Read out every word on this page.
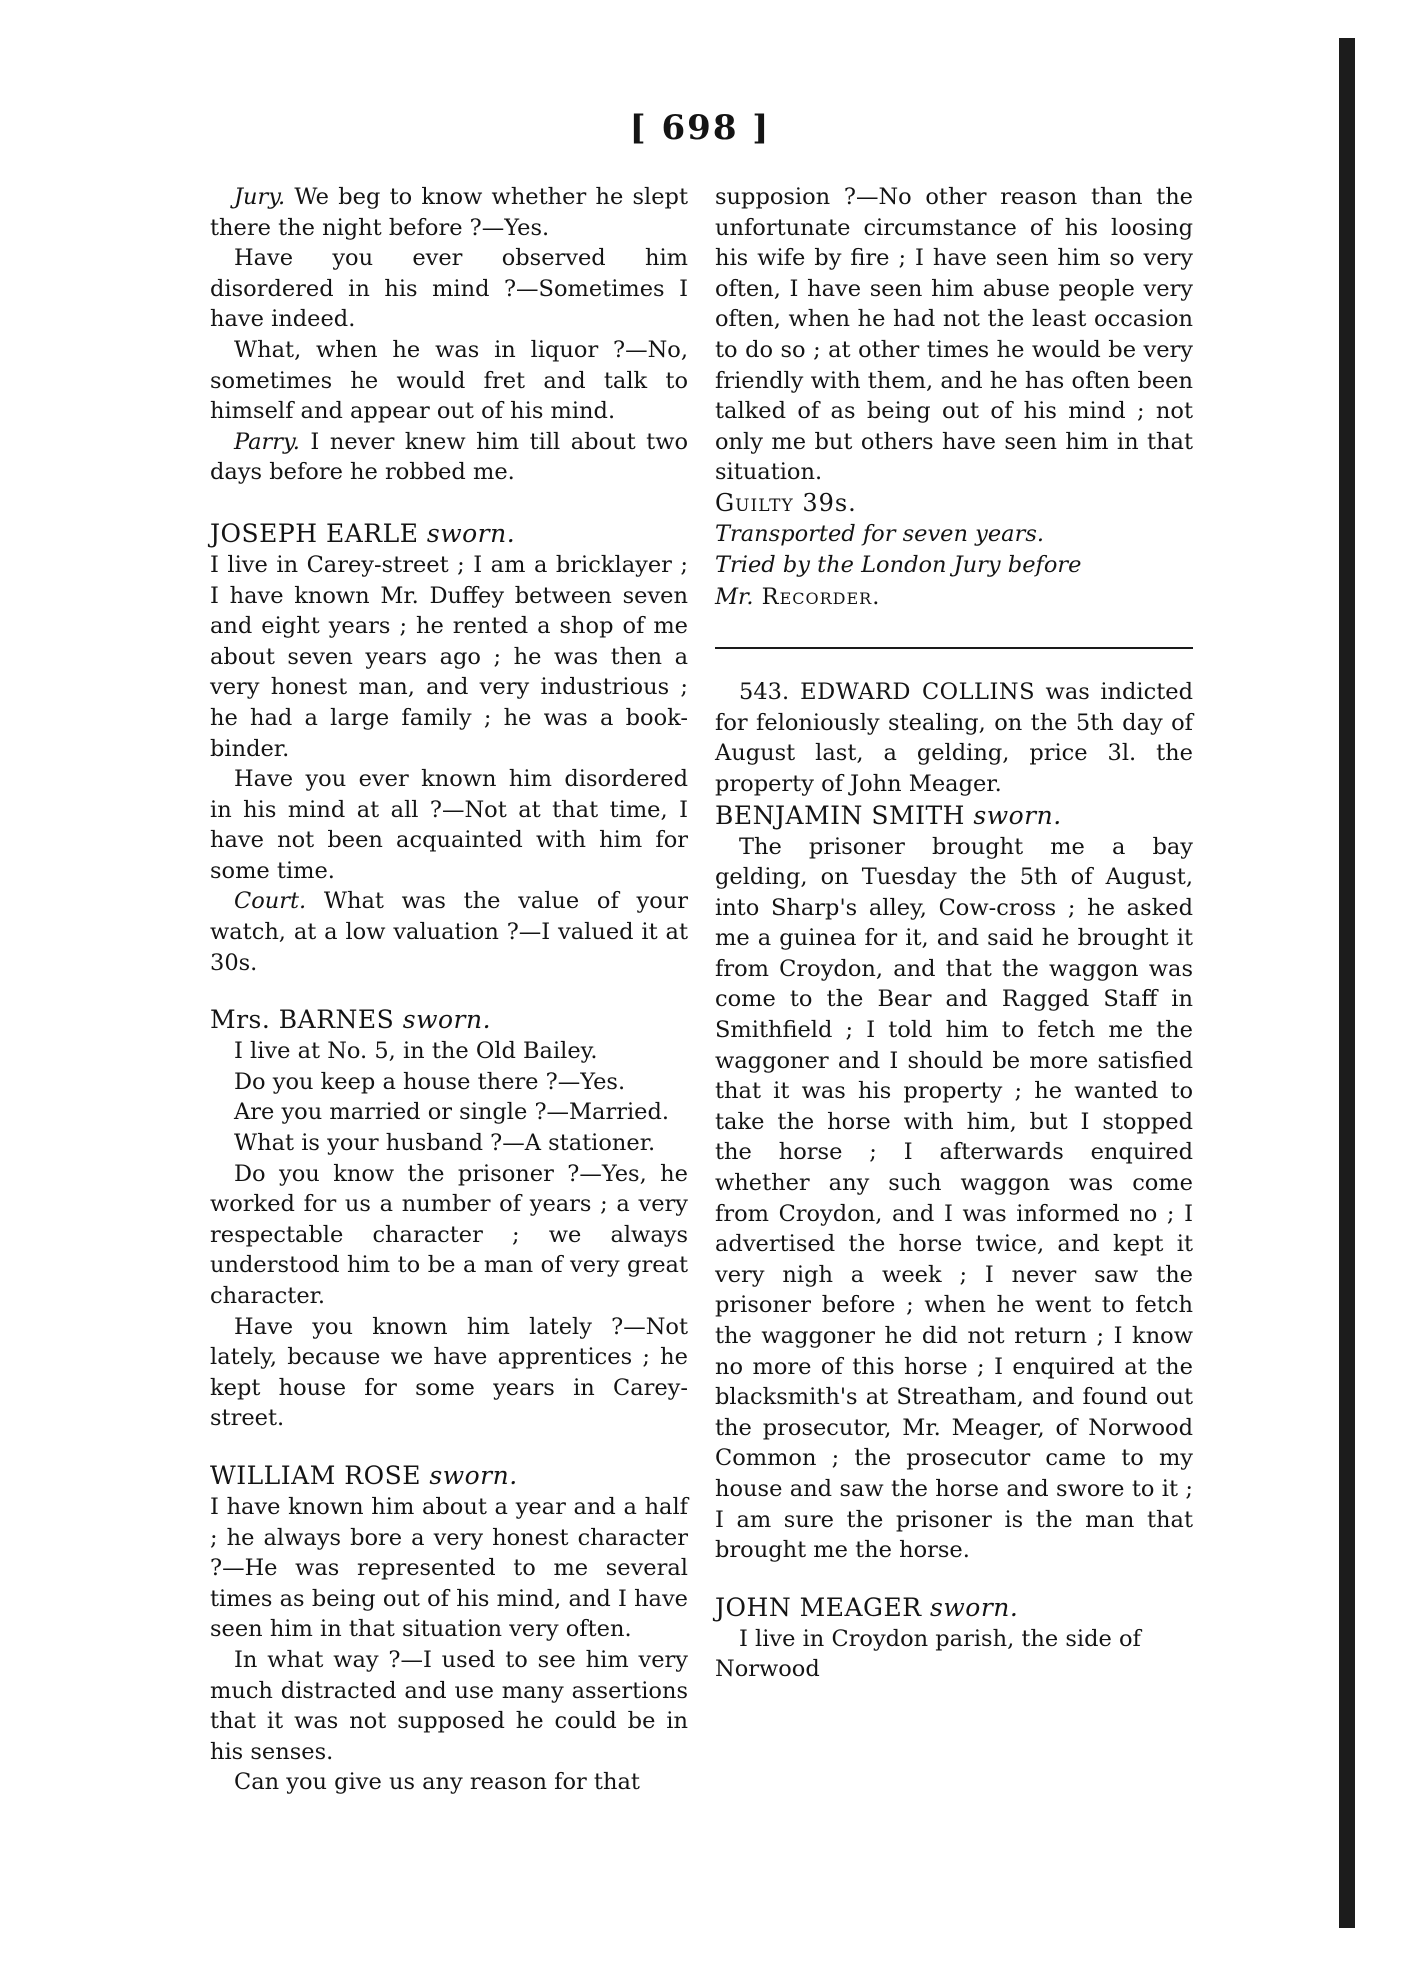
[ 698 ]

Jury. We beg to know whether he slept there the night before ?—Yes.

Have you ever observed him disordered in his mind ?—Sometimes I have indeed.

What, when he was in liquor ?—No, sometimes he would fret and talk to himself and appear out of his mind.

Parry. I never knew him till about two days before he robbed me.

JOSEPH EARLE sworn.

I live in Carey-street ; I am a bricklayer ; I have known Mr. Duffey between seven and eight years ; he rented a shop of me about seven years ago ; he was then a very honest man, and very industrious ; he had a large family ; he was a book-binder.

Have you ever known him disordered in his mind at all ?—Not at that time, I have not been acquainted with him for some time.

Court. What was the value of your watch, at a low valuation ?—I valued it at 30s.

Mrs. BARNES sworn.

I live at No. 5, in the Old Bailey.

Do you keep a house there ?—Yes.

Are you married or single ?—Married.

What is your husband ?—A stationer.

Do you know the prisoner ?—Yes, he worked for us a number of years ; a very respectable character ; we always understood him to be a man of very great character.

Have you known him lately ?—Not lately, because we have apprentices ; he kept house for some years in Carey-street.

WILLIAM ROSE sworn.

I have known him about a year and a half ; he always bore a very honest character ?—He was represented to me several times as being out of his mind, and I have seen him in that situation very often.

In what way ?—I used to see him very much distracted and use many assertions that it was not supposed he could be in his senses.

Can you give us any reason for that

supposion ?—No other reason than the unfortunate circumstance of his loosing his wife by fire ; I have seen him so very often, I have seen him abuse people very often, when he had not the least occasion to do so ; at other times he would be very friendly with them, and he has often been talked of as being out of his mind ; not only me but others have seen him in that situation.

Guilty 39s.

Transported for seven years.

Tried by the London Jury before
Mr. Recorder.

543. EDWARD COLLINS was indicted for feloniously stealing, on the 5th day of August last, a gelding, price 3l. the property of John Meager.

BENJAMIN SMITH sworn.

The prisoner brought me a bay gelding, on Tuesday the 5th of August, into Sharp's alley, Cow-cross ; he asked me a guinea for it, and said he brought it from Croydon, and that the waggon was come to the Bear and Ragged Staff in Smithfield ; I told him to fetch me the waggoner and I should be more satisfied that it was his property ; he wanted to take the horse with him, but I stopped the horse ; I afterwards enquired whether any such waggon was come from Croydon, and I was informed no ; I advertised the horse twice, and kept it very nigh a week ; I never saw the prisoner before ; when he went to fetch the waggoner he did not return ; I know no more of this horse ; I enquired at the blacksmith's at Streatham, and found out the prosecutor, Mr. Meager, of Norwood Common ; the prosecutor came to my house and saw the horse and swore to it ; I am sure the prisoner is the man that brought me the horse.

JOHN MEAGER sworn.

I live in Croydon parish, the side of

Norwood
